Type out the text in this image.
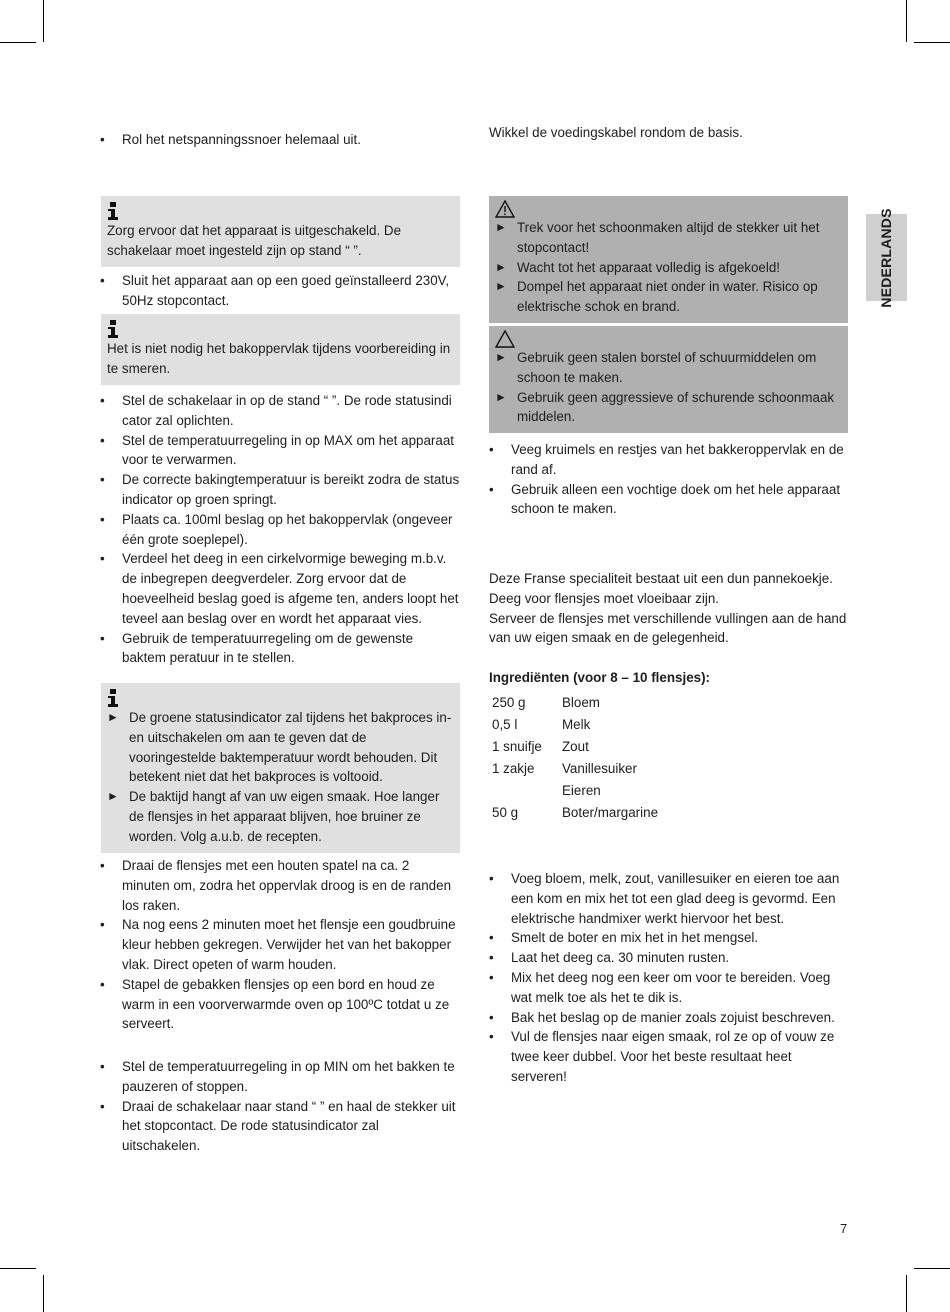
• Rol het netspanningssnoer helemaal uit.

Zorg ervoor dat het apparaat is uitgeschakeld. De schakelaar moet ingesteld zijn op stand “ ”.

• Sluit het apparaat aan op een goed geïnstalleerd 230V, 50Hz stopcontact.

Het is niet nodig het bakoppervlak tijdens voorbereiding in te smeren.
• Stel de schakelaar in op de stand “ ”. De rode statusindi cator zal oplichten.
• Stel de temperatuurregeling in op MAX om het apparaat voor te verwarmen.
• De correcte bakingtemperatuur is bereikt zodra de status indicator op groen springt.
• Plaats ca. 100ml beslag op het bakoppervlak (ongeveer één grote soeplepel).
• Verdeel het deeg in een cirkelvormige beweging m.b.v. de inbegrepen deegverdeler. Zorg ervoor dat de hoeveelheid beslag goed is afgeme ten, anders loopt het teveel aan beslag over en wordt het apparaat vies.
• Gebruik de temperatuurregeling om de gewenste baktem peratuur in te stellen.
► De groene statusindicator zal tijdens het bakproces in- en uitschakelen om aan te geven dat de vooringestelde baktemperatuur wordt behouden. Dit betekent niet dat het bakproces is voltooid.
► De baktijd hangt af van uw eigen smaak. Hoe langer de flensjes in het apparaat blijven, hoe bruiner ze worden. Volg a.u.b. de recepten.
• Draai de flensjes met een houten spatel na ca. 2 minuten om, zodra het oppervlak droog is en de randen los raken.
• Na nog eens 2 minuten moet het flensje een goudbruine kleur hebben gekregen. Verwijder het van het bakopper vlak. Direct opeten of warm houden.
• Stapel de gebakken flensjes op een bord en houd ze warm in een voorverwarmde oven op 100ºC totdat u ze serveert.
• Stel de temperatuurregeling in op MIN om het bakken te pauzeren of stoppen.
• Draai de schakelaar naar stand “ ” en haal de stekker uit het stopcontact. De rode statusindicator zal uitschakelen.
Wikkel de voedingskabel rondom de basis.
► Trek voor het schoonmaken altijd de stekker uit het stopcontact!
► Wacht tot het apparaat volledig is afgekoeld!
► Dompel het apparaat niet onder in water. Risico op elektrische schok en brand.
► Gebruik geen stalen borstel of schuurmiddelen om schoon te maken.
► Gebruik geen aggressieve of schurende schoonmaak middelen.
• Veeg kruimels en restjes van het bakkeroppervlak en de rand af.
• Gebruik alleen een vochtige doek om het hele apparaat schoon te maken.
Deze Franse specialiteit bestaat uit een dun pannekoekje.
Deeg voor flensjes moet vloeibaar zijn.
Serveer de flensjes met verschillende vullingen aan de hand van uw eigen smaak en de gelegenheid.
Ingrediënten (voor 8 – 10 flensjes):
250 g	Bloem
0,5 l	Melk
1 snuifje	Zout
1 zakje	Vanillesuiker
	Eieren
50 g	Boter/margarine
• Voeg bloem, melk, zout, vanillesuiker en eieren toe aan een kom en mix het tot een glad deeg is gevormd. Een elektrische handmixer werkt hiervoor het best.
• Smelt de boter en mix het in het mengsel.
• Laat het deeg ca. 30 minuten rusten.
• Mix het deeg nog een keer om voor te bereiden. Voeg wat melk toe als het te dik is.
• Bak het beslag op de manier zoals zojuist beschreven.
• Vul de flensjes naar eigen smaak, rol ze op of vouw ze twee keer dubbel. Voor het beste resultaat heet serveren!
NEDERLANDS
7
